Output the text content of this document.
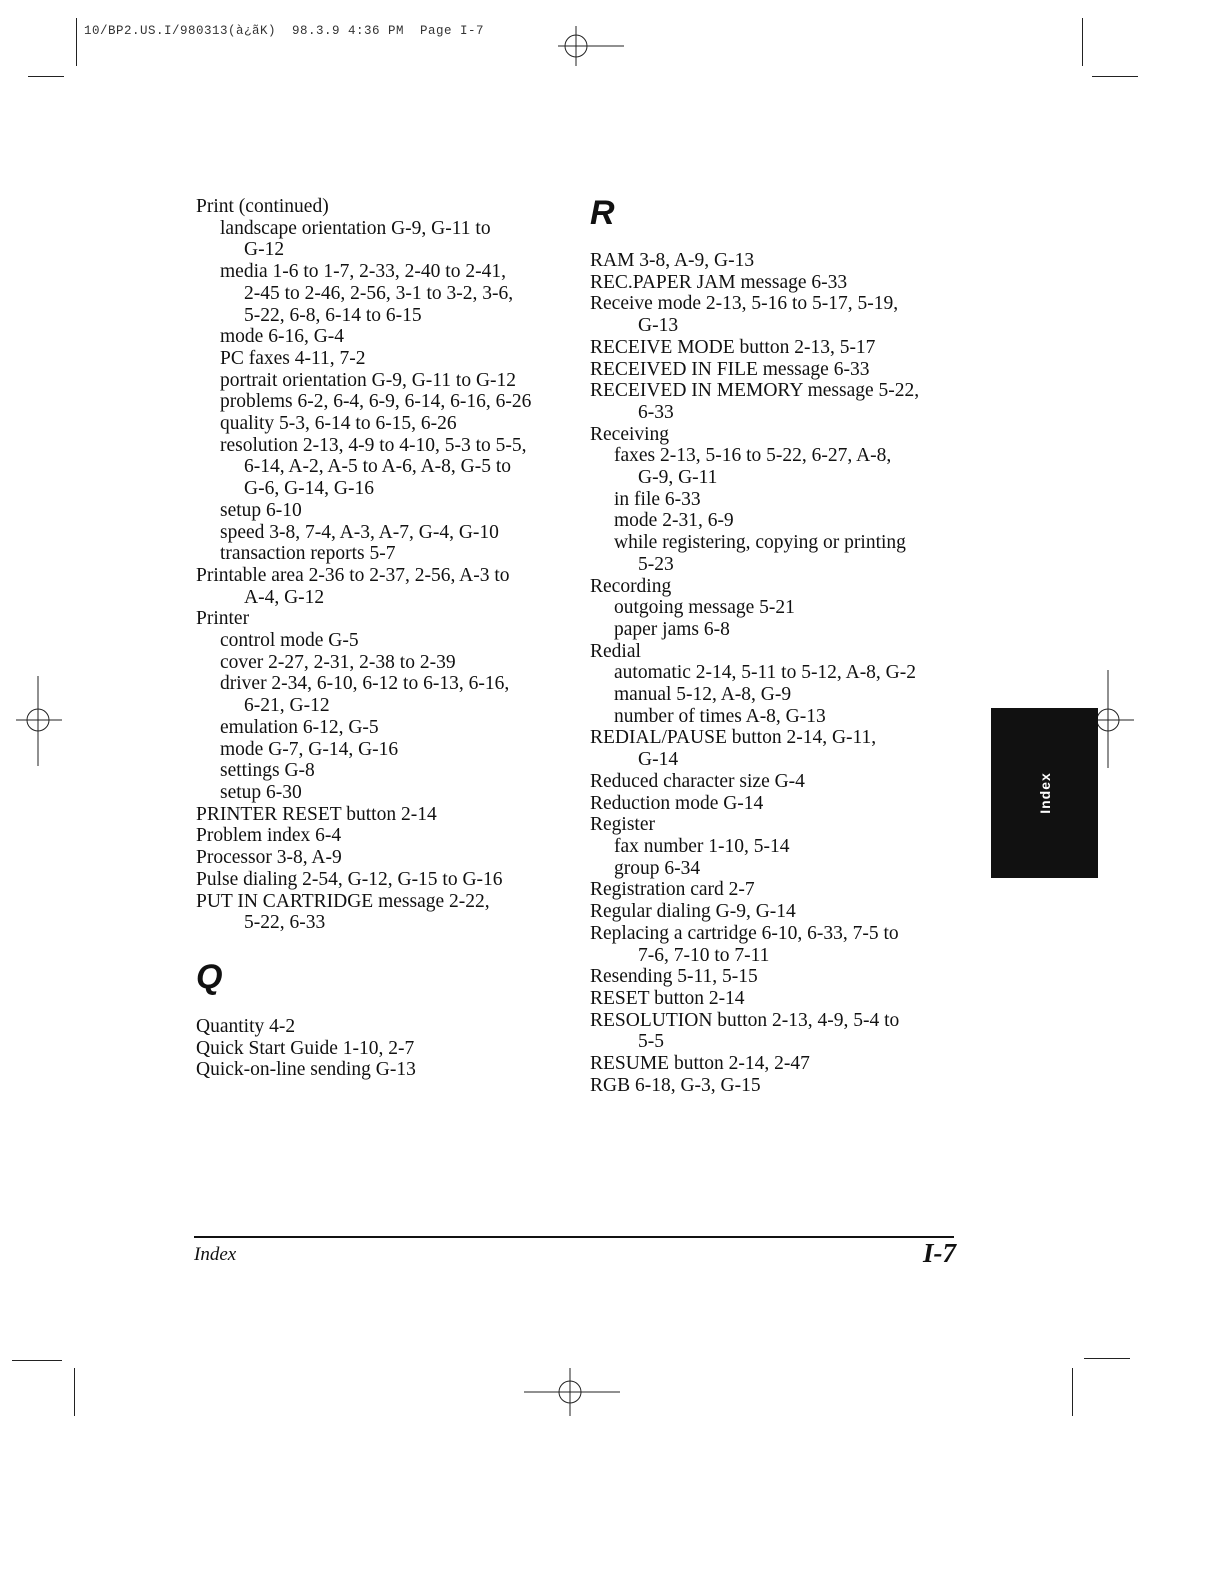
10/BP2.US.I/980313(à¿ãK)  98.3.9 4:36 PM  Page I-7
Print (continued)
landscape orientation G-9, G-11 to
G-12
media 1-6 to 1-7, 2-33, 2-40 to 2-41,
2-45 to 2-46, 2-56, 3-1 to 3-2, 3-6,
5-22, 6-8, 6-14 to 6-15
mode 6-16, G-4
PC faxes 4-11, 7-2
portrait orientation G-9, G-11 to G-12
problems 6-2, 6-4, 6-9, 6-14, 6-16, 6-26
quality 5-3, 6-14 to 6-15, 6-26
resolution 2-13, 4-9 to 4-10, 5-3 to 5-5,
6-14, A-2, A-5 to A-6, A-8, G-5 to
G-6, G-14, G-16
setup 6-10
speed 3-8, 7-4, A-3, A-7, G-4, G-10
transaction reports 5-7
Printable area 2-36 to 2-37, 2-56, A-3 to
A-4, G-12
Printer
control mode G-5
cover 2-27, 2-31, 2-38 to 2-39
driver 2-34, 6-10, 6-12 to 6-13, 6-16,
6-21, G-12
emulation 6-12, G-5
mode G-7, G-14, G-16
settings G-8
setup 6-30
PRINTER RESET button 2-14
Problem index 6-4
Processor 3-8, A-9
Pulse dialing 2-54, G-12, G-15 to G-16
PUT IN CARTRIDGE message 2-22,
5-22, 6-33
Q
Quantity 4-2
Quick Start Guide 1-10, 2-7
Quick-on-line sending G-13
R
RAM 3-8, A-9, G-13
REC.PAPER JAM message 6-33
Receive mode 2-13, 5-16 to 5-17, 5-19,
G-13
RECEIVE MODE button 2-13, 5-17
RECEIVED IN FILE message 6-33
RECEIVED IN MEMORY message 5-22,
6-33
Receiving
faxes 2-13, 5-16 to 5-22, 6-27, A-8,
G-9, G-11
in file 6-33
mode 2-31, 6-9
while registering, copying or printing
5-23
Recording
outgoing message 5-21
paper jams 6-8
Redial
automatic 2-14, 5-11 to 5-12, A-8, G-2
manual 5-12, A-8, G-9
number of times A-8, G-13
REDIAL/PAUSE button 2-14, G-11,
G-14
Reduced character size G-4
Reduction mode G-14
Register
fax number 1-10, 5-14
group 6-34
Registration card 2-7
Regular dialing G-9, G-14
Replacing a cartridge 6-10, 6-33, 7-5 to
7-6, 7-10 to 7-11
Resending 5-11, 5-15
RESET button 2-14
RESOLUTION button 2-13, 4-9, 5-4 to
5-5
RESUME button 2-14, 2-47
RGB 6-18, G-3, G-15
Index
Index	I-7
